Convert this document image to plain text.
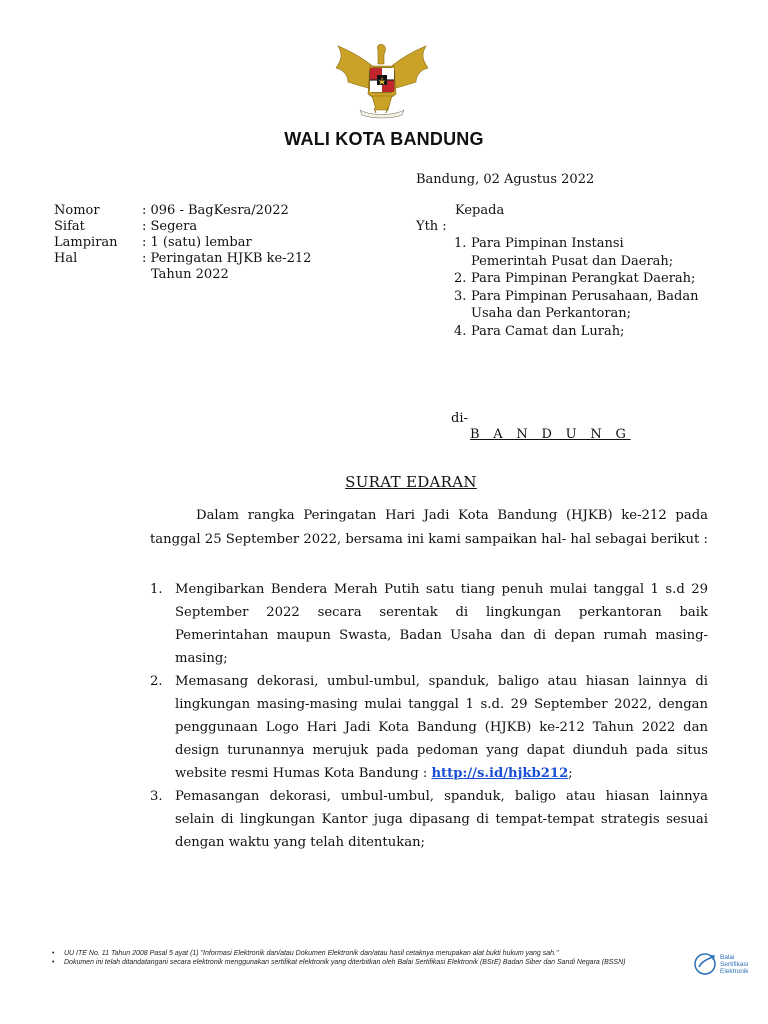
WALI KOTA BANDUNG
Bandung, 02 Agustus 2022
Nomor	: 096 - BagKesra/2022
Sifat	: Segera
Lampiran	: 1 (satu) lembar
Hal	: Peringatan HJKB ke-212
	Tahun 2022
Kepada
Yth :
1. Para Pimpinan Instansi Pemerintah Pusat dan Daerah;
2. Para Pimpinan Perangkat Daerah;
3. Para Pimpinan Perusahaan, Badan Usaha dan Perkantoran;
4. Para Camat dan Lurah;
di-
B A N D U N G
SURAT EDARAN
Dalam rangka Peringatan Hari Jadi Kota Bandung (HJKB) ke-212 pada tanggal 25 September 2022, bersama ini kami sampaikan hal- hal sebagai berikut :
1. Mengibarkan Bendera Merah Putih satu tiang penuh mulai tanggal 1 s.d 29 September 2022 secara serentak di lingkungan perkantoran baik Pemerintahan maupun Swasta, Badan Usaha dan di depan rumah masing-masing;
2. Memasang dekorasi, umbul-umbul, spanduk, baligo atau hiasan lainnya di lingkungan masing-masing mulai tanggal 1 s.d. 29 September 2022, dengan penggunaan Logo Hari Jadi Kota Bandung (HJKB) ke-212 Tahun 2022 dan design turunannya merujuk pada pedoman yang dapat diunduh pada situs website resmi Humas Kota Bandung : http://s.id/hjkb212;
3. Pemasangan dekorasi, umbul-umbul, spanduk, baligo atau hiasan lainnya selain di lingkungan Kantor juga dipasang di tempat-tempat strategis sesuai dengan waktu yang telah ditentukan;
• UU ITE No. 11 Tahun 2008 Pasal 5 ayat (1) "Informasi Elektronik dan/atau Dokumen Elektronik dan/atau hasil cetaknya merupakan alat bukti hukum yang sah."
• Dokumen ini telah ditandatangani secara elektronik menggunakan sertifikat elektronik yang diterbitkan oleh Balai Sertifikasi Elektronik (BSrE) Badan Siber dan Sandi Negara (BSSN)
Balai
Sertifikasi
Elektronik
